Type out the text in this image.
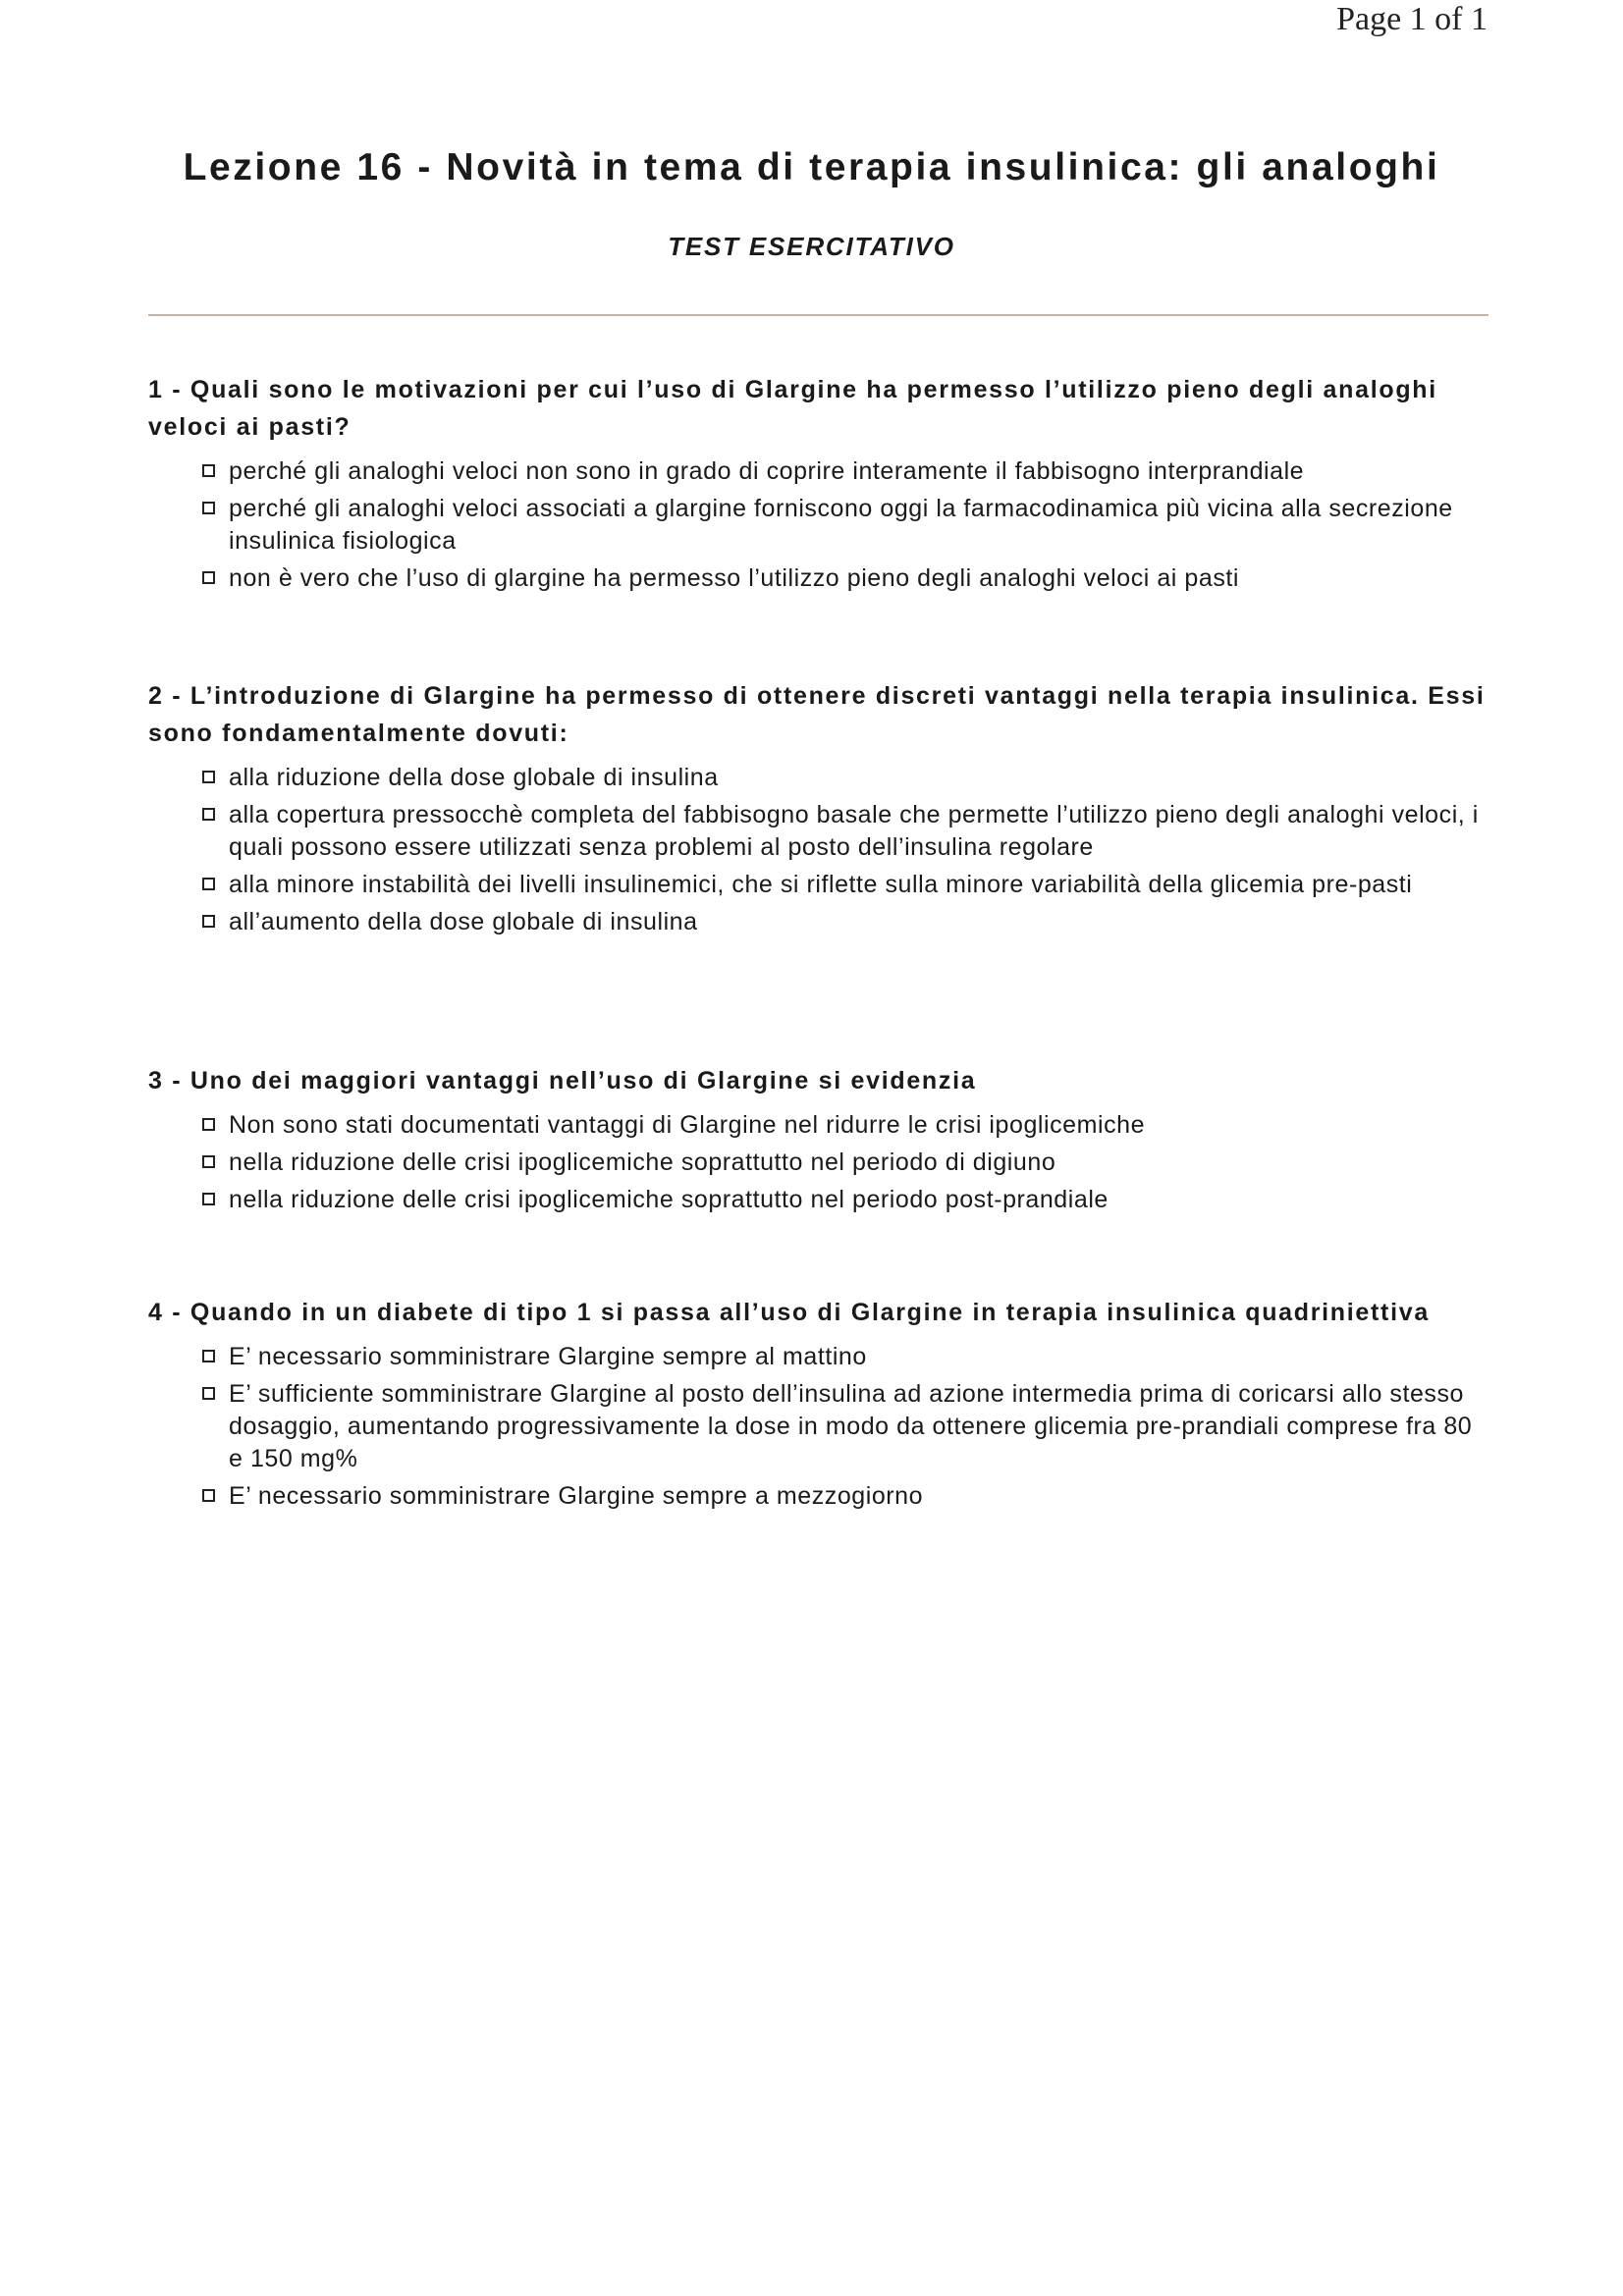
Page 1 of 1
Lezione 16 - Novità in tema di terapia insulinica: gli analoghi
TEST ESERCITATIVO

1 - Quali sono le motivazioni per cui l’uso di Glargine ha permesso l’utilizzo pieno degli analoghi veloci ai pasti?

perché gli analoghi veloci non sono in grado di coprire interamente il fabbisogno interprandiale
perché gli analoghi veloci associati a glargine forniscono oggi la farmacodinamica più vicina alla secrezione insulinica fisiologica
non è vero che l’uso di glargine ha permesso l’utilizzo pieno degli analoghi veloci ai pasti

2 - L’introduzione di Glargine ha permesso di ottenere discreti vantaggi nella terapia insulinica. Essi sono fondamentalmente dovuti:

alla riduzione della dose globale di insulina
alla copertura pressocchè completa del fabbisogno basale che permette l’utilizzo pieno degli analoghi veloci, i quali possono essere utilizzati senza problemi al posto dell’insulina regolare
alla minore instabilità dei livelli insulinemici, che si riflette sulla minore variabilità della glicemia pre-pasti
all’aumento della dose globale di insulina

3 - Uno dei maggiori vantaggi nell’uso di Glargine si evidenzia

Non sono stati documentati vantaggi di Glargine nel ridurre le crisi ipoglicemiche
nella riduzione delle crisi ipoglicemiche soprattutto nel periodo di digiuno
nella riduzione delle crisi ipoglicemiche soprattutto nel periodo post-prandiale

4 - Quando in un diabete di tipo 1 si passa all’uso di Glargine in terapia insulinica quadriniettiva

E’ necessario somministrare Glargine sempre al mattino
E’ sufficiente somministrare Glargine al posto dell’insulina ad azione intermedia prima di coricarsi allo stesso dosaggio, aumentando progressivamente la dose in modo da ottenere glicemia pre-prandiali comprese fra 80 e 150 mg%
E’ necessario somministrare Glargine sempre a mezzogiorno
